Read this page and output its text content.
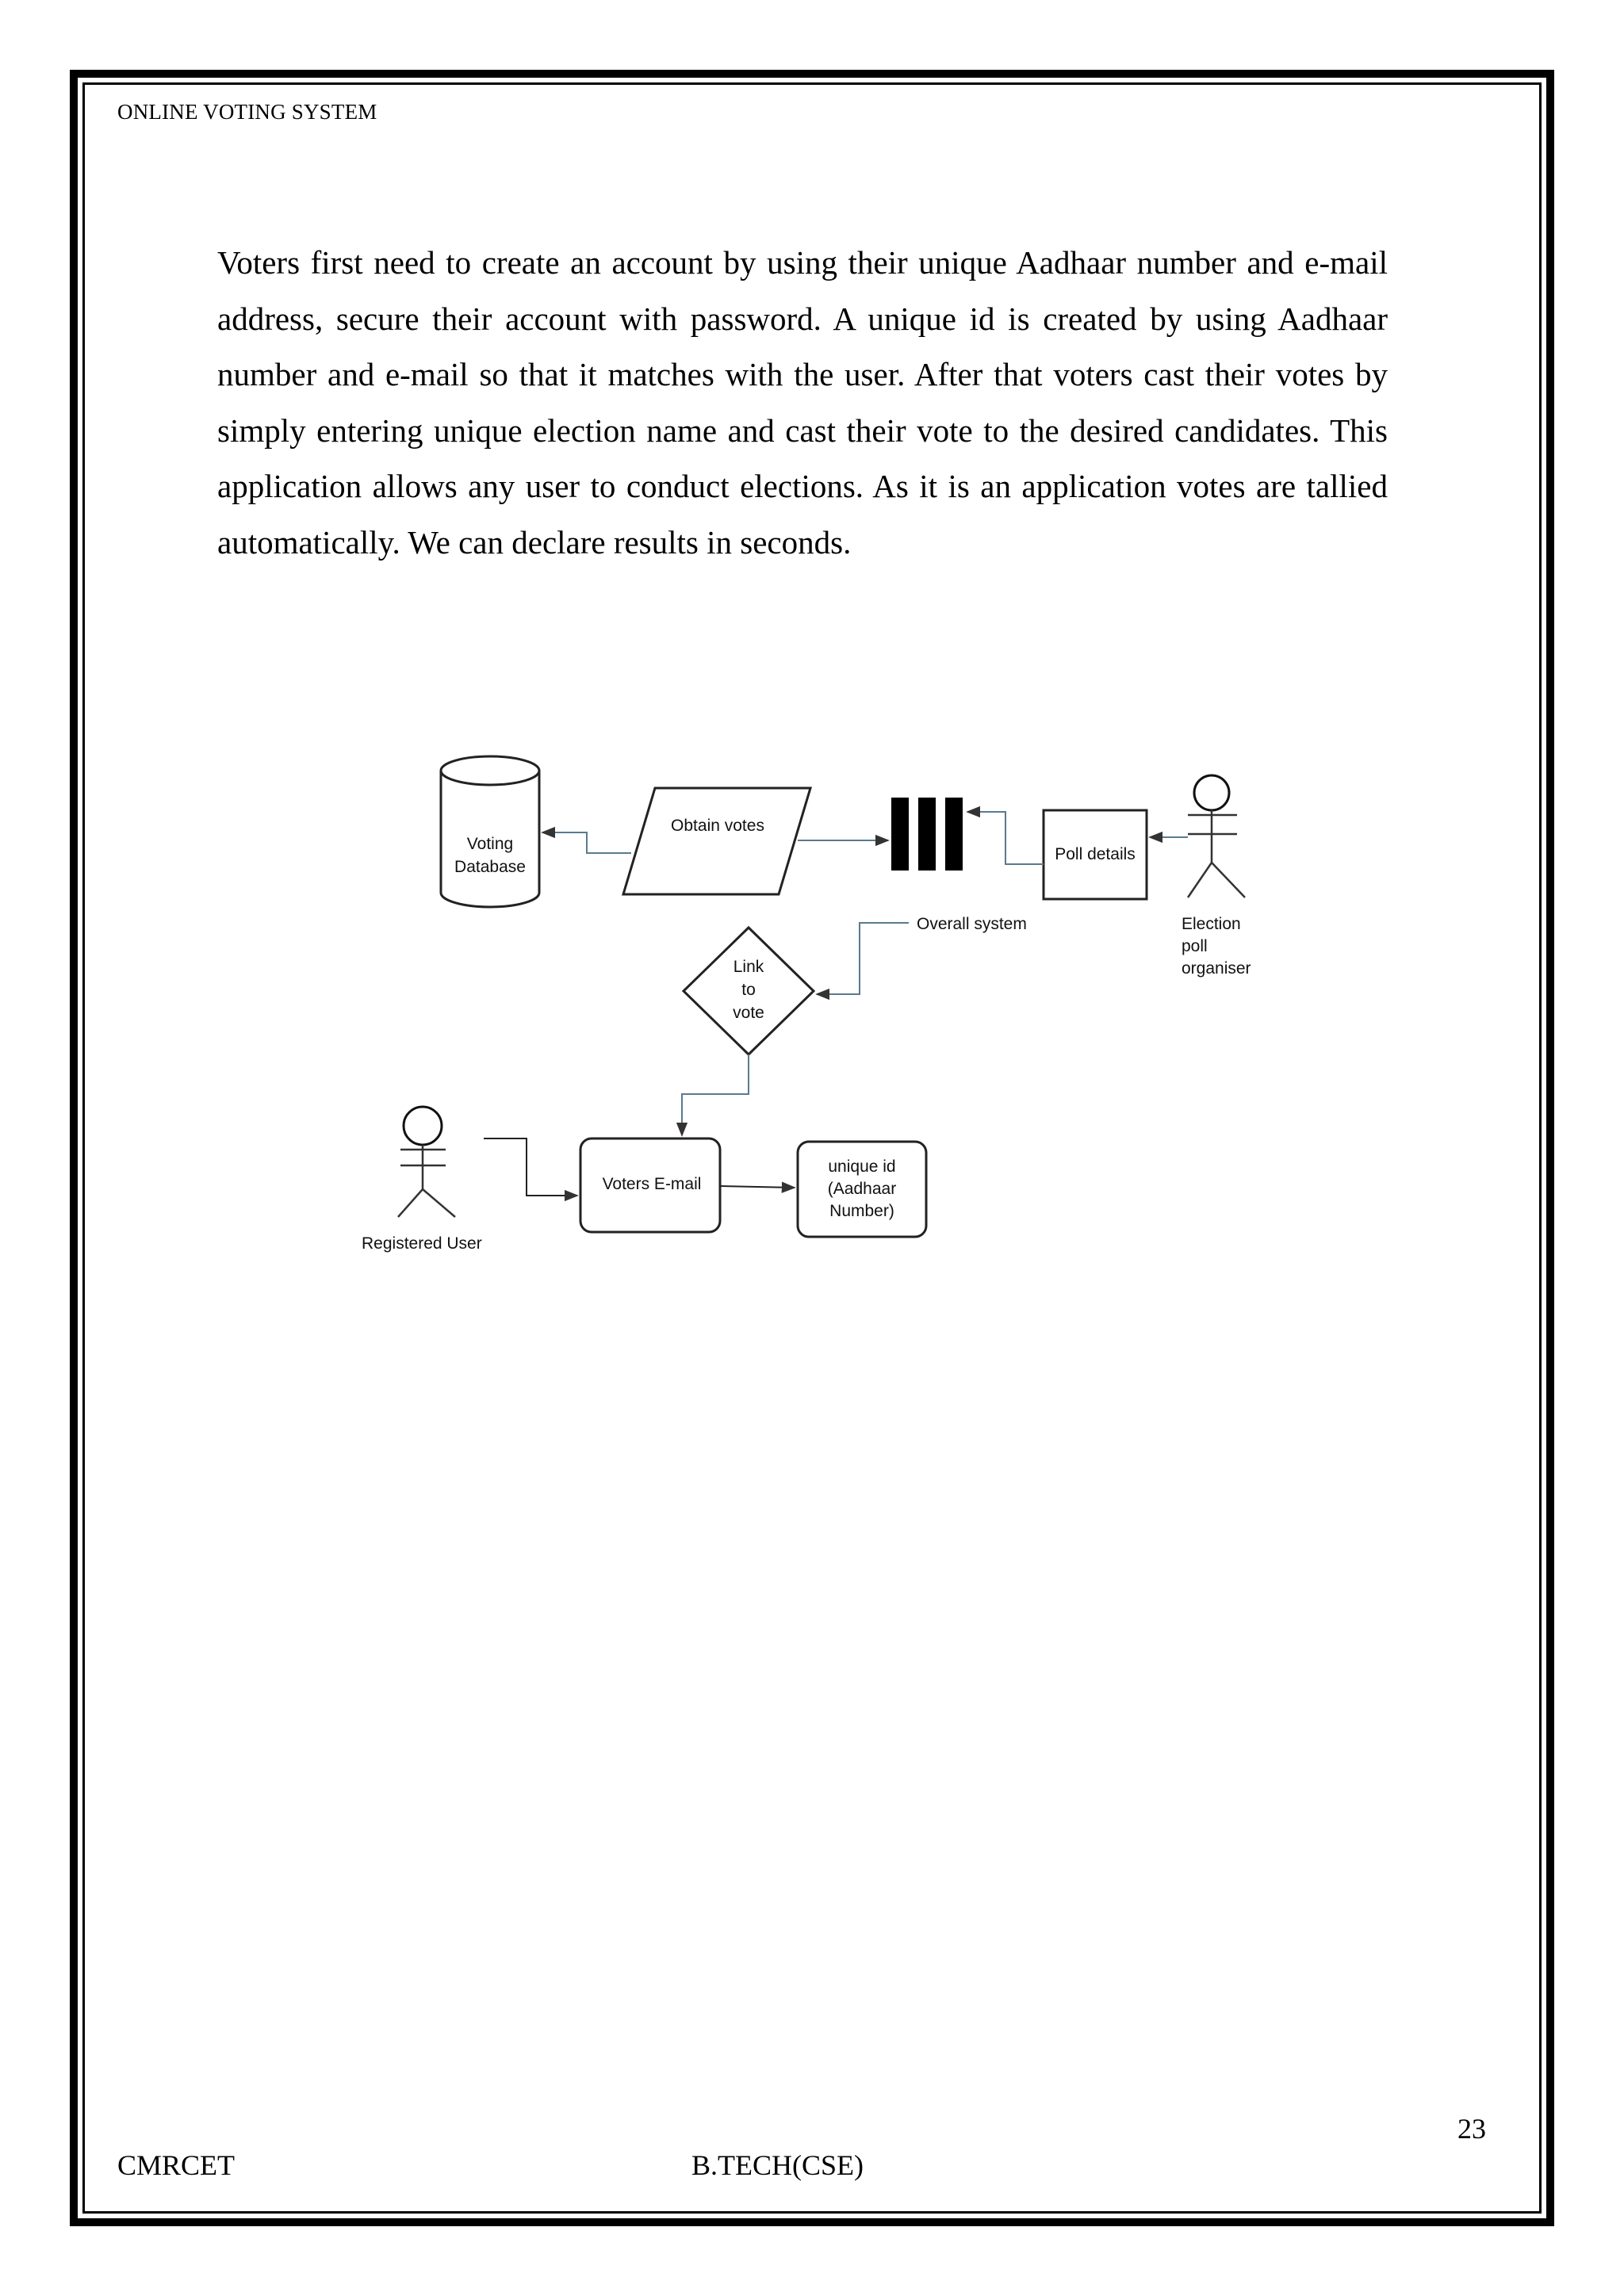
ONLINE VOTING SYSTEM
Voters first need to create an account by using their unique Aadhaar number and e-mail address, secure their account with password. A unique id is created by using Aadhaar number and e-mail so that it matches with the user. After that voters cast their votes by simply entering unique election name and cast their vote to the desired candidates. This application allows any user to conduct elections. As it is an application votes are tallied automatically. We can declare results in seconds.
Voting
Database
Obtain votes
Poll details
Election
poll
organiser
Overall system
Link
to
vote
Registered User
Voters E-mail
unique id
(Aadhaar
Number)
23
CMRCET	B.TECH(CSE)
